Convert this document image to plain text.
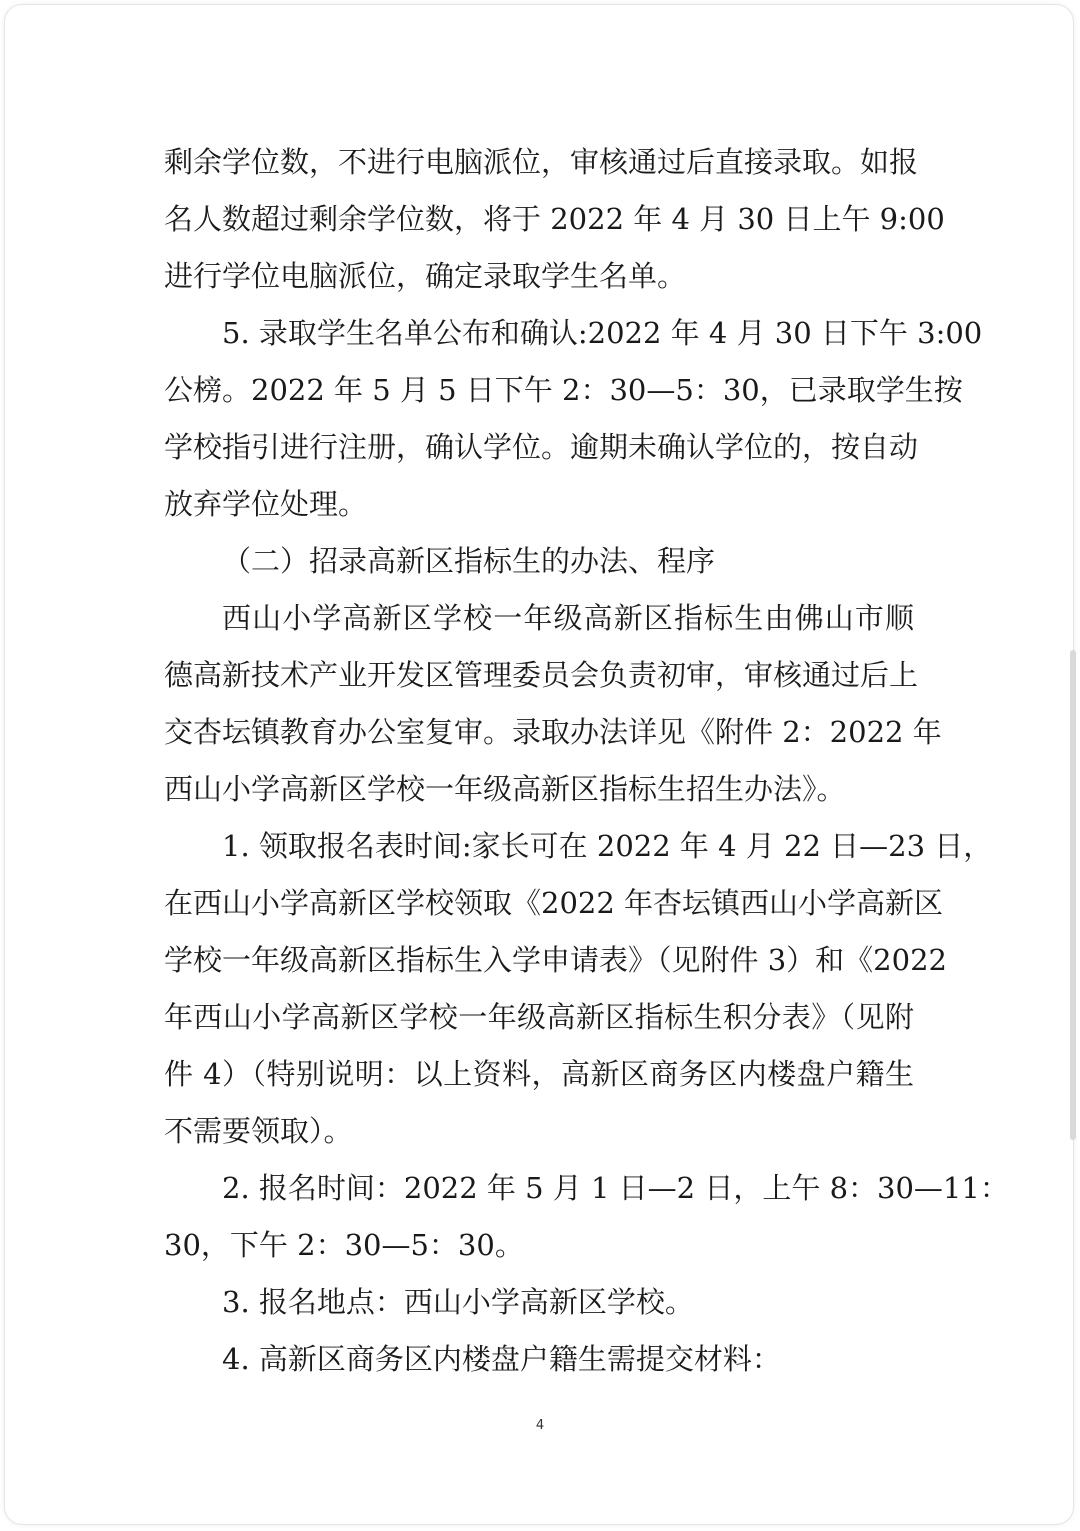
剩余学位数，不进行电脑派位，审核通过后直接录取。如报
名人数超过剩余学位数，将于 2022 年 4 月 30 日上午 9:00
进行学位电脑派位，确定录取学生名单。
5. 录取学生名单公布和确认:2022 年 4 月 30 日下午 3:00
公榜。2022 年 5 月 5 日下午 2：30—5：30，已录取学生按
学校指引进行注册，确认学位。逾期未确认学位的，按自动
放弃学位处理。
（二）招录高新区指标生的办法、程序
西山小学高新区学校一年级高新区指标生由佛山市顺
德高新技术产业开发区管理委员会负责初审，审核通过后上
交杏坛镇教育办公室复审。录取办法详见《附件 2：2022 年
西山小学高新区学校一年级高新区指标生招生办法》。
1. 领取报名表时间:家长可在 2022 年 4 月 22 日—23 日，
在西山小学高新区学校领取《2022 年杏坛镇西山小学高新区
学校一年级高新区指标生入学申请表》（见附件 3）和《2022
年西山小学高新区学校一年级高新区指标生积分表》（见附
件 4）（特别说明：以上资料，高新区商务区内楼盘户籍生
不需要领取）。
2. 报名时间：2022 年 5 月 1 日—2 日，上午 8：30—11：
30，下午 2：30—5：30。
3. 报名地点：西山小学高新区学校。
4. 高新区商务区内楼盘户籍生需提交材料：
4
